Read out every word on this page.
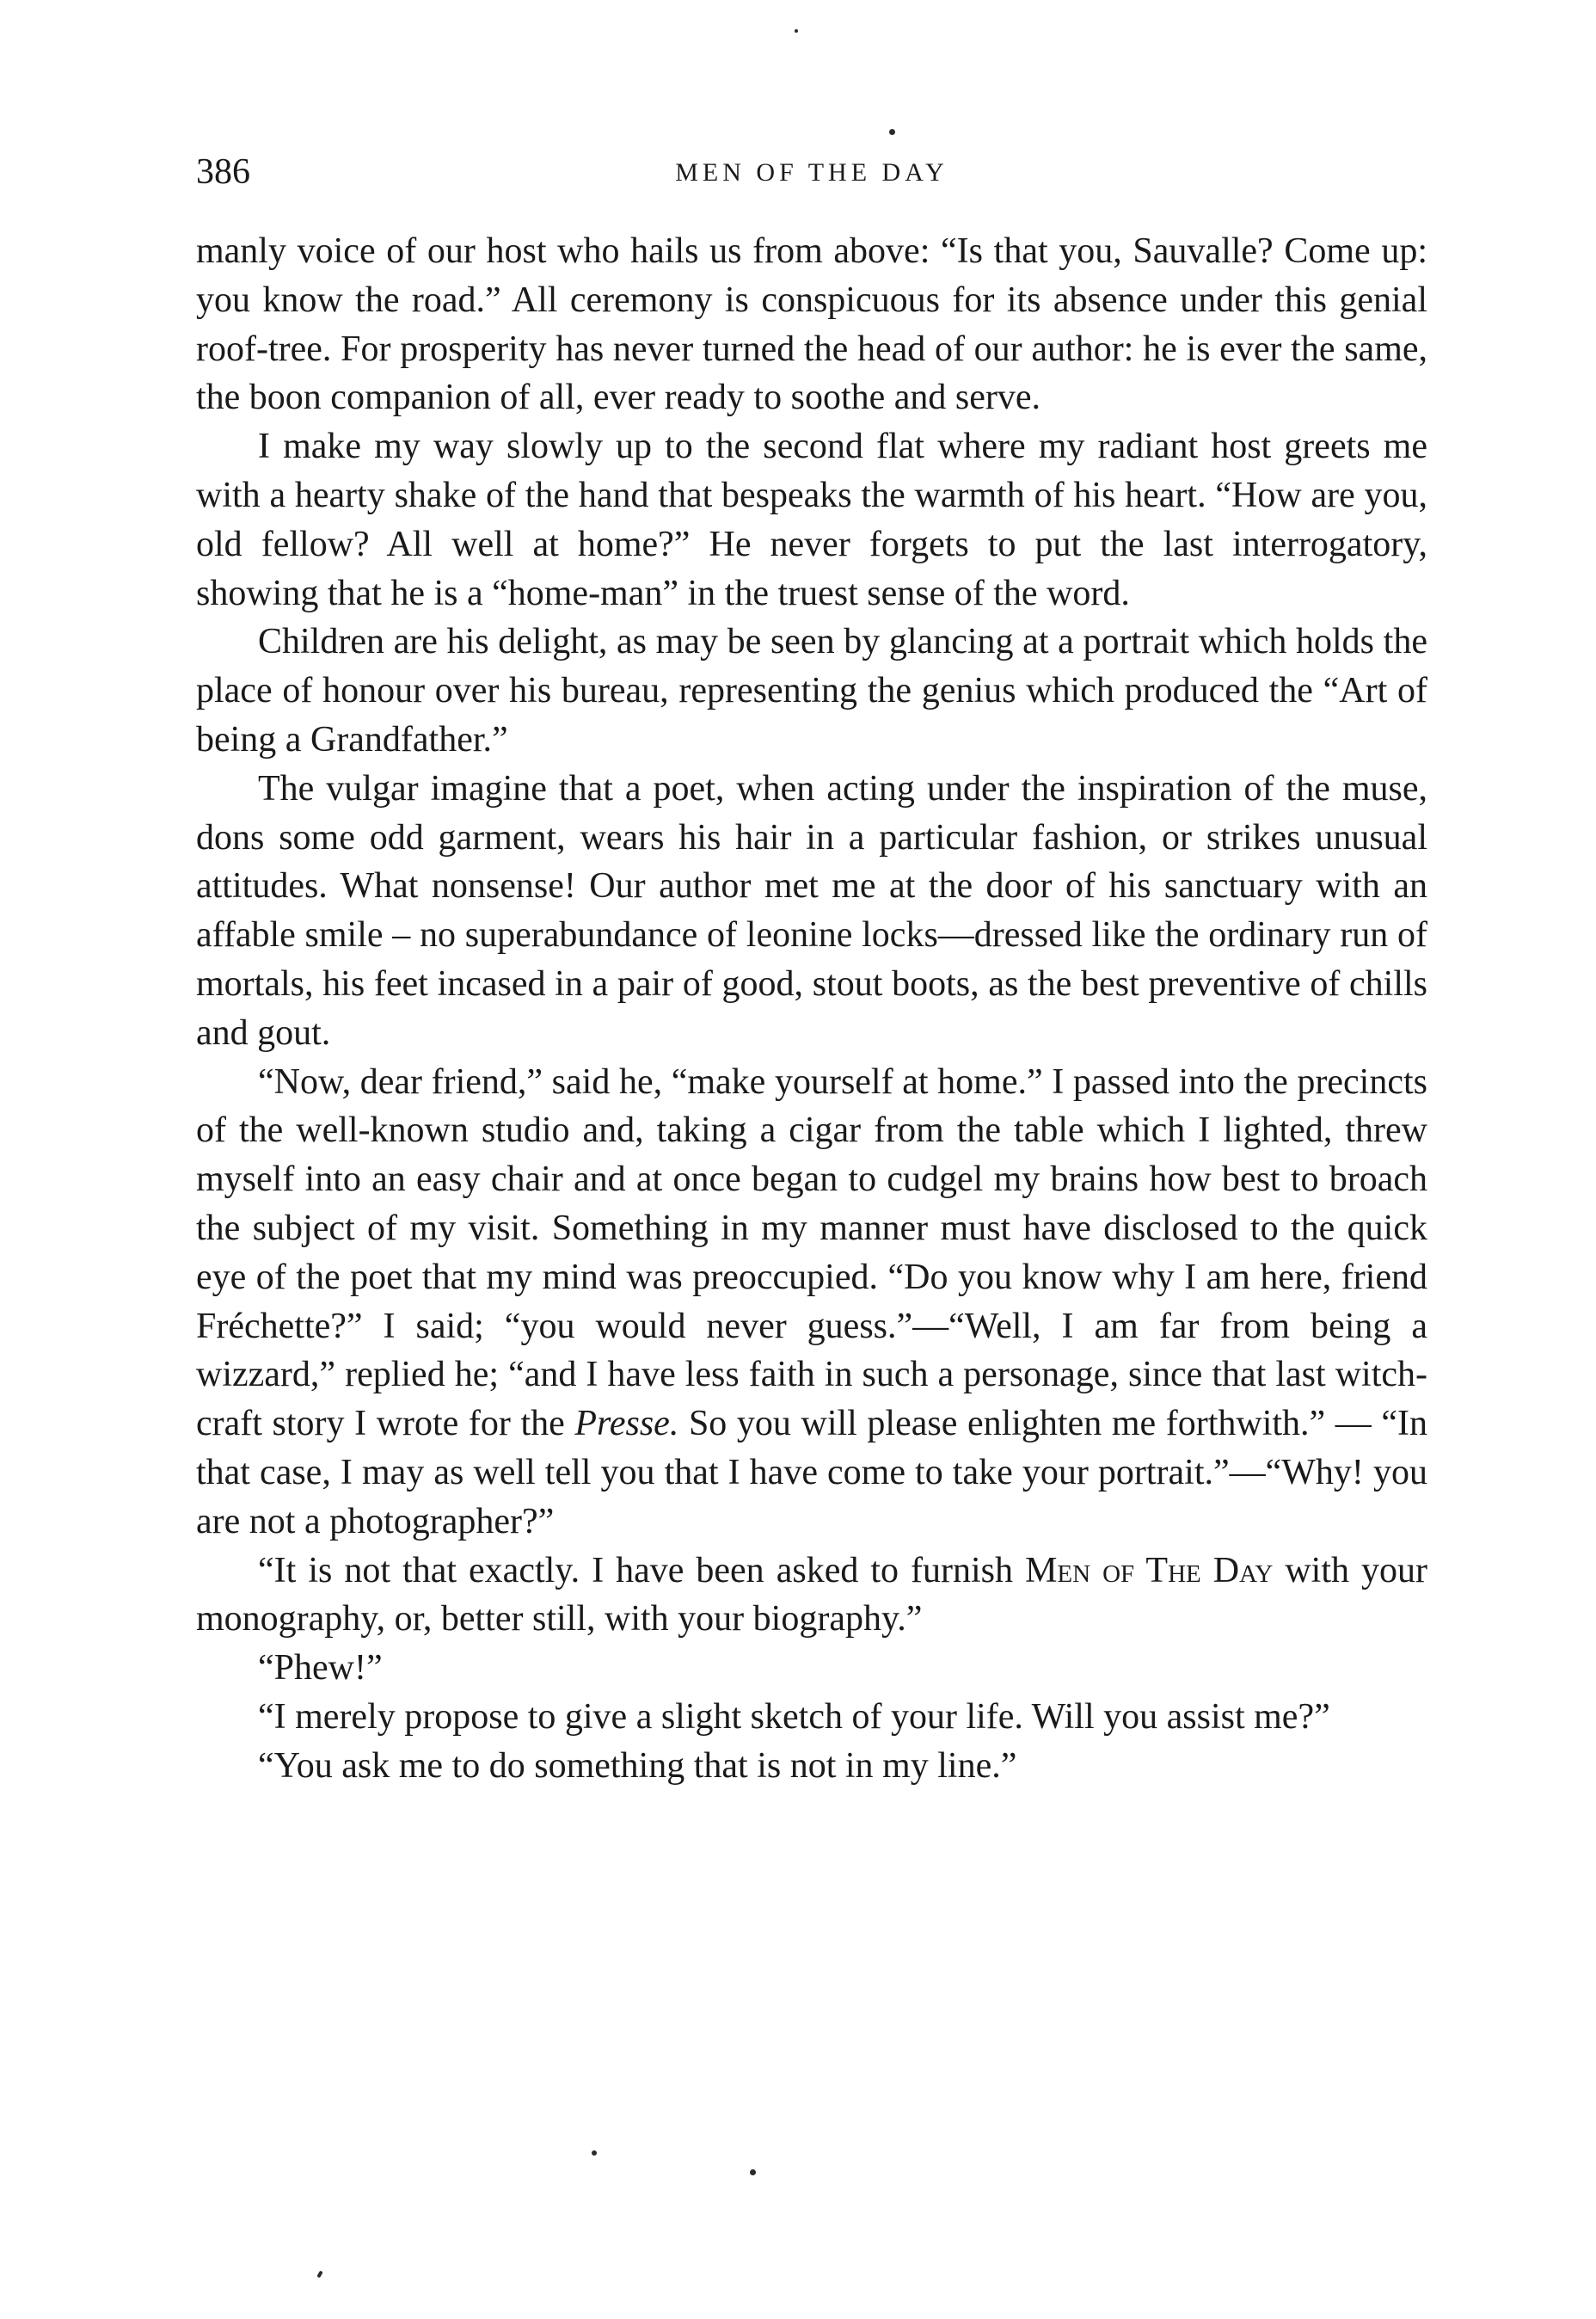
386	MEN OF THE DAY

manly voice of our host who hails us from above: “Is that you, Sauvalle? Come up: you know the road.” All ceremony is conspicuous for its absence under this genial roof-tree. For prosperity has never turned the head of our author: he is ever the same, the boon companion of all, ever ready to soothe and serve.

I make my way slowly up to the second flat where my radiant host greets me with a hearty shake of the hand that bespeaks the warmth of his heart. “How are you, old fellow? All well at home?” He never forgets to put the last interrogatory, showing that he is a “home-man” in the truest sense of the word.

Children are his delight, as may be seen by glancing at a portrait which holds the place of honour over his bureau, representing the genius which produced the “Art of being a Grandfather.”

The vulgar imagine that a poet, when acting under the inspiration of the muse, dons some odd garment, wears his hair in a particular fashion, or strikes unusual attitudes. What nonsense! Our author met me at the door of his sanctuary with an affable smile – no superabundance of leonine locks—dressed like the ordinary run of mortals, his feet incased in a pair of good, stout boots, as the best preventive of chills and gout.

“Now, dear friend,” said he, “make yourself at home.” I passed into the precincts of the well-known studio and, taking a cigar from the table which I lighted, threw myself into an easy chair and at once began to cudgel my brains how best to broach the subject of my visit. Something in my manner must have disclosed to the quick eye of the poet that my mind was preoccupied. “Do you know why I am here, friend Fréchette?” I said; “you would never guess.”—“Well, I am far from being a wizzard,” replied he; “and I have less faith in such a personage, since that last witch-craft story I wrote for the Presse. So you will please enlighten me forthwith.” — “In that case, I may as well tell you that I have come to take your portrait.”—“Why! you are not a photographer?”

“It is not that exactly. I have been asked to furnish Men of The Day with your monography, or, better still, with your biography.”

“Phew!”

“I merely propose to give a slight sketch of your life. Will you assist me?”

“You ask me to do something that is not in my line.”
